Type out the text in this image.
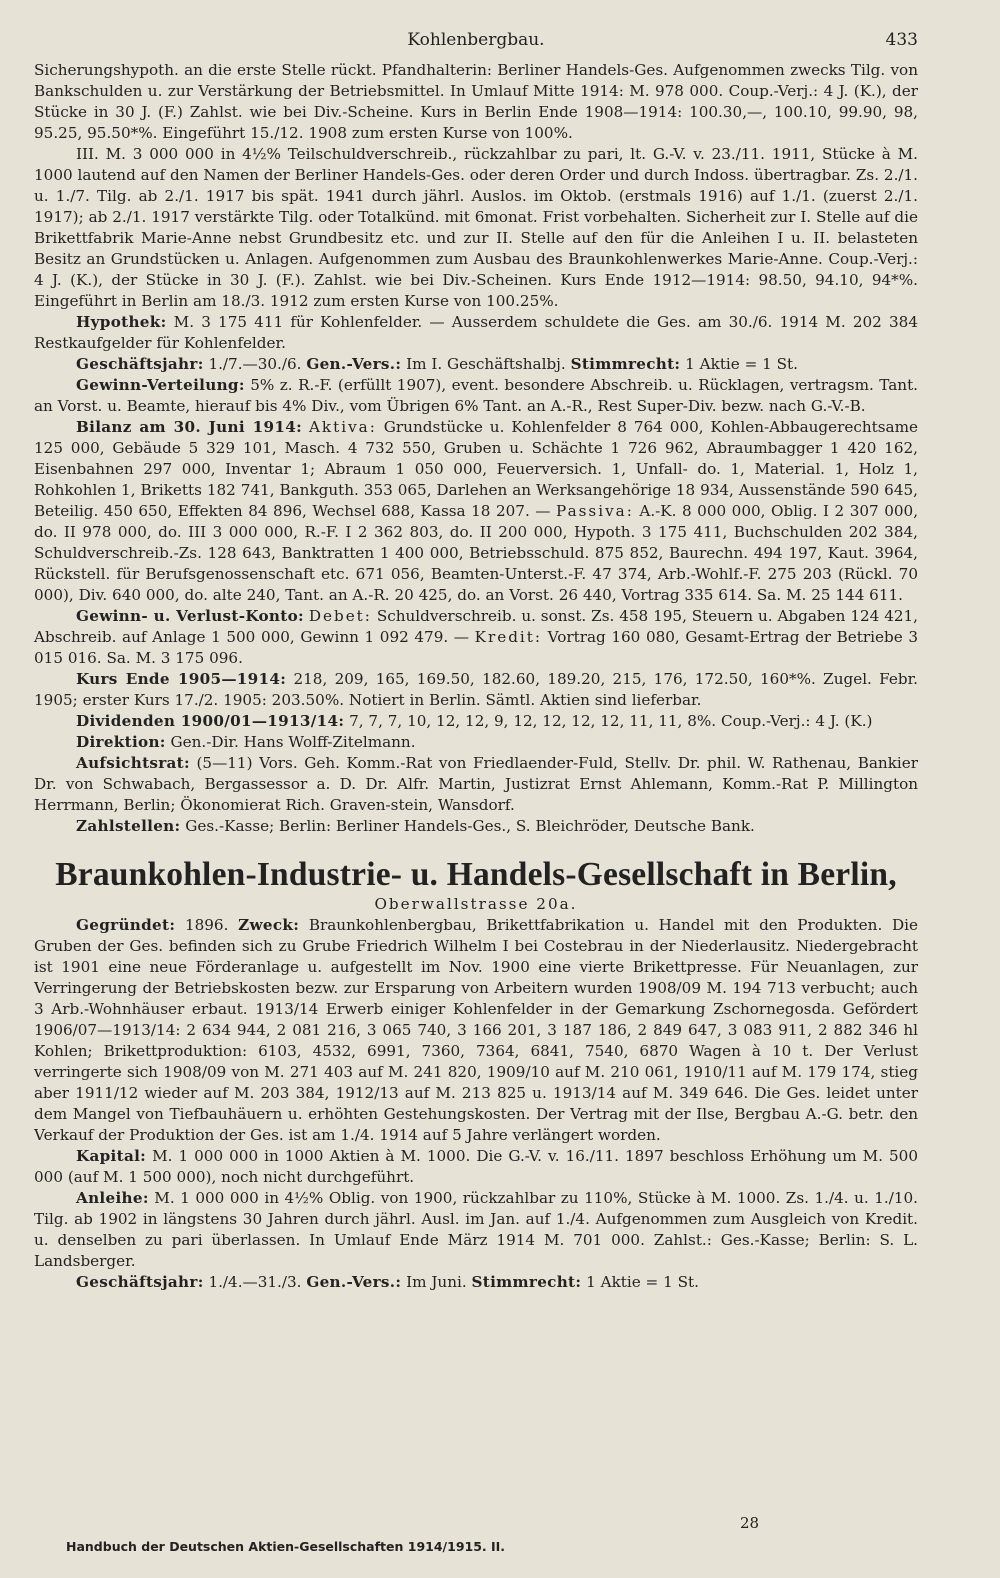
Kohlenbergbau.	433

Sicherungshypoth. an die erste Stelle rückt. Pfandhalterin: Berliner Handels-Ges. Aufgenommen zwecks Tilg. von Bankschulden u. zur Verstärkung der Betriebsmittel. In Umlauf Mitte 1914: M. 978 000. Coup.-Verj.: 4 J. (K.), der Stücke in 30 J. (F.) Zahlst. wie bei Div.-Scheine. Kurs in Berlin Ende 1908—1914: 100.30,—, 100.10, 99.90, 98, 95.25, 95.50*%. Eingeführt 15./12. 1908 zum ersten Kurse von 100%.

III. M. 3 000 000 in 4½% Teilschuldverschreib., rückzahlbar zu pari, lt. G.-V. v. 23./11. 1911, Stücke à M. 1000 lautend auf den Namen der Berliner Handels-Ges. oder deren Order und durch Indoss. übertragbar. Zs. 2./1. u. 1./7. Tilg. ab 2./1. 1917 bis spät. 1941 durch jährl. Auslos. im Oktob. (erstmals 1916) auf 1./1. (zuerst 2./1. 1917); ab 2./1. 1917 verstärkte Tilg. oder Totalkünd. mit 6monat. Frist vorbehalten. Sicherheit zur I. Stelle auf die Brikettfabrik Marie-Anne nebst Grundbesitz etc. und zur II. Stelle auf den für die Anleihen I u. II. belasteten Besitz an Grundstücken u. Anlagen. Aufgenommen zum Ausbau des Braunkohlenwerkes Marie-Anne. Coup.-Verj.: 4 J. (K.), der Stücke in 30 J. (F.). Zahlst. wie bei Div.-Scheinen. Kurs Ende 1912—1914: 98.50, 94.10, 94*%. Eingeführt in Berlin am 18./3. 1912 zum ersten Kurse von 100.25%.

Hypothek: M. 3 175 411 für Kohlenfelder. — Ausserdem schuldete die Ges. am 30./6. 1914 M. 202 384 Restkaufgelder für Kohlenfelder.

Geschäftsjahr: 1./7.—30./6. Gen.-Vers.: Im I. Geschäftshalbj. Stimmrecht: 1 Aktie = 1 St.

Gewinn-Verteilung: 5% z. R.-F. (erfüllt 1907), event. besondere Abschreib. u. Rücklagen, vertragsm. Tant. an Vorst. u. Beamte, hierauf bis 4% Div., vom Übrigen 6% Tant. an A.-R., Rest Super-Div. bezw. nach G.-V.-B.

Bilanz am 30. Juni 1914: Aktiva: Grundstücke u. Kohlenfelder 8 764 000, Kohlen-Abbaugerechtsame 125 000, Gebäude 5 329 101, Masch. 4 732 550, Gruben u. Schächte 1 726 962, Abraumbagger 1 420 162, Eisenbahnen 297 000, Inventar 1; Abraum 1 050 000, Feuerversich. 1, Unfall- do. 1, Material. 1, Holz 1, Rohkohlen 1, Briketts 182 741, Bankguth. 353 065, Darlehen an Werksangehörige 18 934, Aussenstände 590 645, Beteilig. 450 650, Effekten 84 896, Wechsel 688, Kassa 18 207. — Passiva: A.-K. 8 000 000, Oblig. I 2 307 000, do. II 978 000, do. III 3 000 000, R.-F. I 2 362 803, do. II 200 000, Hypoth. 3 175 411, Buchschulden 202 384, Schuldverschreib.-Zs. 128 643, Banktratten 1 400 000, Betriebsschuld. 875 852, Baurechn. 494 197, Kaut. 3964, Rückstell. für Berufsgenossenschaft etc. 671 056, Beamten-Unterst.-F. 47 374, Arb.-Wohlf.-F. 275 203 (Rückl. 70 000), Div. 640 000, do. alte 240, Tant. an A.-R. 20 425, do. an Vorst. 26 440, Vortrag 335 614. Sa. M. 25 144 611.

Gewinn- u. Verlust-Konto: Debet: Schuldverschreib. u. sonst. Zs. 458 195, Steuern u. Abgaben 124 421, Abschreib. auf Anlage 1 500 000, Gewinn 1 092 479. — Kredit: Vortrag 160 080, Gesamt-Ertrag der Betriebe 3 015 016. Sa. M. 3 175 096.

Kurs Ende 1905—1914: 218, 209, 165, 169.50, 182.60, 189.20, 215, 176, 172.50, 160*%. Zugel. Febr. 1905; erster Kurs 17./2. 1905: 203.50%. Notiert in Berlin. Sämtl. Aktien sind lieferbar.

Dividenden 1900/01—1913/14: 7, 7, 7, 10, 12, 12, 9, 12, 12, 12, 12, 11, 11, 8%. Coup.-Verj.: 4 J. (K.)

Direktion: Gen.-Dir. Hans Wolff-Zitelmann.

Aufsichtsrat: (5—11) Vors. Geh. Komm.-Rat von Friedlaender-Fuld, Stellv. Dr. phil. W. Rathenau, Bankier Dr. von Schwabach, Bergassessor a. D. Dr. Alfr. Martin, Justizrat Ernst Ahlemann, Komm.-Rat P. Millington Herrmann, Berlin; Ökonomierat Rich. Graven-stein, Wansdorf.

Zahlstellen: Ges.-Kasse; Berlin: Berliner Handels-Ges., S. Bleichröder, Deutsche Bank.

Braunkohlen-Industrie- u. Handels-Gesellschaft in Berlin,
Oberwallstrasse 20a.

Gegründet: 1896. Zweck: Braunkohlenbergbau, Brikettfabrikation u. Handel mit den Produkten. Die Gruben der Ges. befinden sich zu Grube Friedrich Wilhelm I bei Costebrau in der Niederlausitz. Niedergebracht ist 1901 eine neue Förderanlage u. aufgestellt im Nov. 1900 eine vierte Brikettpresse. Für Neuanlagen, zur Verringerung der Betriebskosten bezw. zur Ersparung von Arbeitern wurden 1908/09 M. 194 713 verbucht; auch 3 Arb.-Wohnhäuser erbaut. 1913/14 Erwerb einiger Kohlenfelder in der Gemarkung Zschornegosda. Gefördert 1906/07—1913/14: 2 634 944, 2 081 216, 3 065 740, 3 166 201, 3 187 186, 2 849 647, 3 083 911, 2 882 346 hl Kohlen; Brikettproduktion: 6103, 4532, 6991, 7360, 7364, 6841, 7540, 6870 Wagen à 10 t. Der Verlust verringerte sich 1908/09 von M. 271 403 auf M. 241 820, 1909/10 auf M. 210 061, 1910/11 auf M. 179 174, stieg aber 1911/12 wieder auf M. 203 384, 1912/13 auf M. 213 825 u. 1913/14 auf M. 349 646. Die Ges. leidet unter dem Mangel von Tiefbauhäuern u. erhöhten Gestehungskosten. Der Vertrag mit der Ilse, Bergbau A.-G. betr. den Verkauf der Produktion der Ges. ist am 1./4. 1914 auf 5 Jahre verlängert worden.

Kapital: M. 1 000 000 in 1000 Aktien à M. 1000. Die G.-V. v. 16./11. 1897 beschloss Erhöhung um M. 500 000 (auf M. 1 500 000), noch nicht durchgeführt.

Anleihe: M. 1 000 000 in 4½% Oblig. von 1900, rückzahlbar zu 110%, Stücke à M. 1000. Zs. 1./4. u. 1./10. Tilg. ab 1902 in längstens 30 Jahren durch jährl. Ausl. im Jan. auf 1./4. Aufgenommen zum Ausgleich von Kredit. u. denselben zu pari überlassen. In Umlauf Ende März 1914 M. 701 000. Zahlst.: Ges.-Kasse; Berlin: S. L. Landsberger.

Geschäftsjahr: 1./4.—31./3. Gen.-Vers.: Im Juni. Stimmrecht: 1 Aktie = 1 St.

28
Handbuch der Deutschen Aktien-Gesellschaften 1914/1915. II.
